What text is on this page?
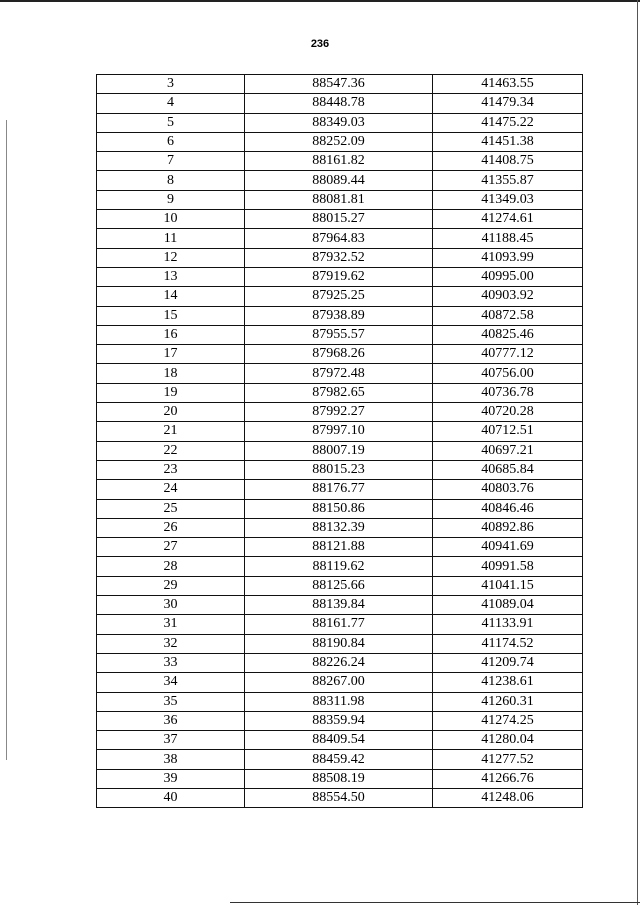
236
3	88547.36	41463.55
4	88448.78	41479.34
5	88349.03	41475.22
6	88252.09	41451.38
7	88161.82	41408.75
8	88089.44	41355.87
9	88081.81	41349.03
10	88015.27	41274.61
11	87964.83	41188.45
12	87932.52	41093.99
13	87919.62	40995.00
14	87925.25	40903.92
15	87938.89	40872.58
16	87955.57	40825.46
17	87968.26	40777.12
18	87972.48	40756.00
19	87982.65	40736.78
20	87992.27	40720.28
21	87997.10	40712.51
22	88007.19	40697.21
23	88015.23	40685.84
24	88176.77	40803.76
25	88150.86	40846.46
26	88132.39	40892.86
27	88121.88	40941.69
28	88119.62	40991.58
29	88125.66	41041.15
30	88139.84	41089.04
31	88161.77	41133.91
32	88190.84	41174.52
33	88226.24	41209.74
34	88267.00	41238.61
35	88311.98	41260.31
36	88359.94	41274.25
37	88409.54	41280.04
38	88459.42	41277.52
39	88508.19	41266.76
40	88554.50	41248.06
